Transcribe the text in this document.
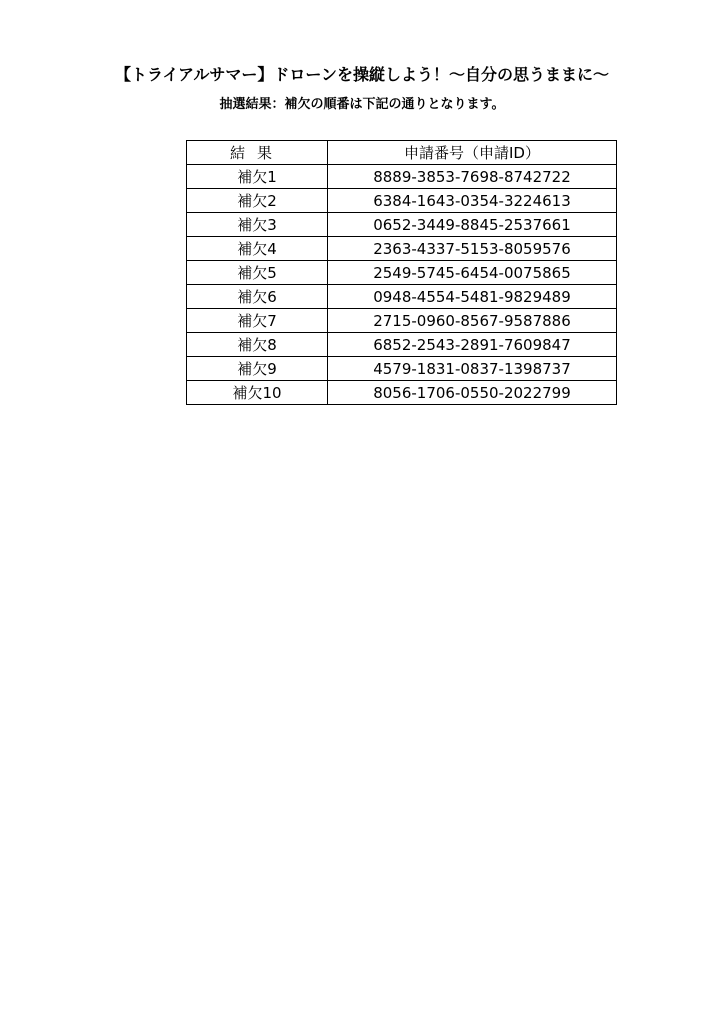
【トライアルサマー】ドローンを操縦しよう！～自分の思うままに～
抽選結果：補欠の順番は下記の通りとなります。
結果	申請番号（申請ID）
補欠1	8889-3853-7698-8742722
補欠2	6384-1643-0354-3224613
補欠3	0652-3449-8845-2537661
補欠4	2363-4337-5153-8059576
補欠5	2549-5745-6454-0075865
補欠6	0948-4554-5481-9829489
補欠7	2715-0960-8567-9587886
補欠8	6852-2543-2891-7609847
補欠9	4579-1831-0837-1398737
補欠10	8056-1706-0550-2022799
